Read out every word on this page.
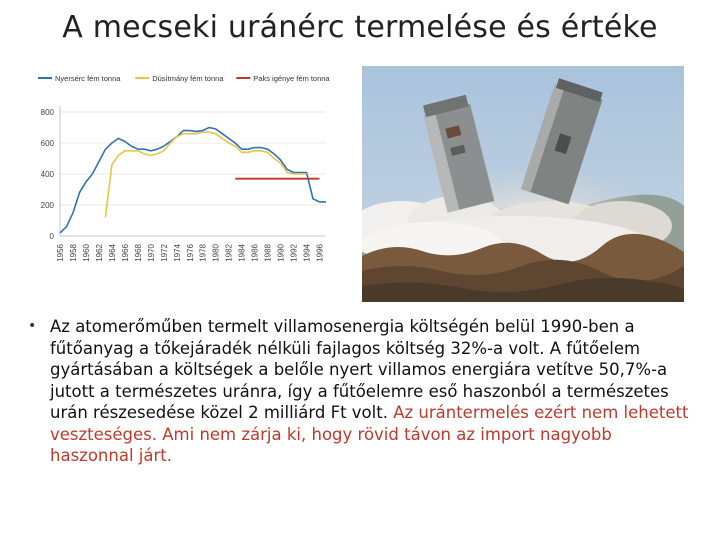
A mecseki uránérc termelése és értéke
Nyersérc fém tonna	Dúsítmány fém tonna	Paks igénye fém tonna
0
200
400
600
800
1956 1958 1960 1962 1964 1966 1968 1970 1972 1974 1976 1978 1980 1982 1984 1986 1988 1990 1992 1994 1996
• Az atomerőműben termelt villamosenergia költségén belül 1990-ben a fűtőanyag a tőkejáradék nélküli fajlagos költség 32%-a volt. A fűtőelem gyártásában a költségek a belőle nyert villamos energiára vetítve 50,7%-a jutott a természetes uránra, így a fűtőelemre eső haszonból a természetes urán részesedése közel 2 milliárd Ft volt. Az urántermelés ezért nem lehetett veszteséges. Ami nem zárja ki, hogy rövid távon az import nagyobb haszonnal járt.
